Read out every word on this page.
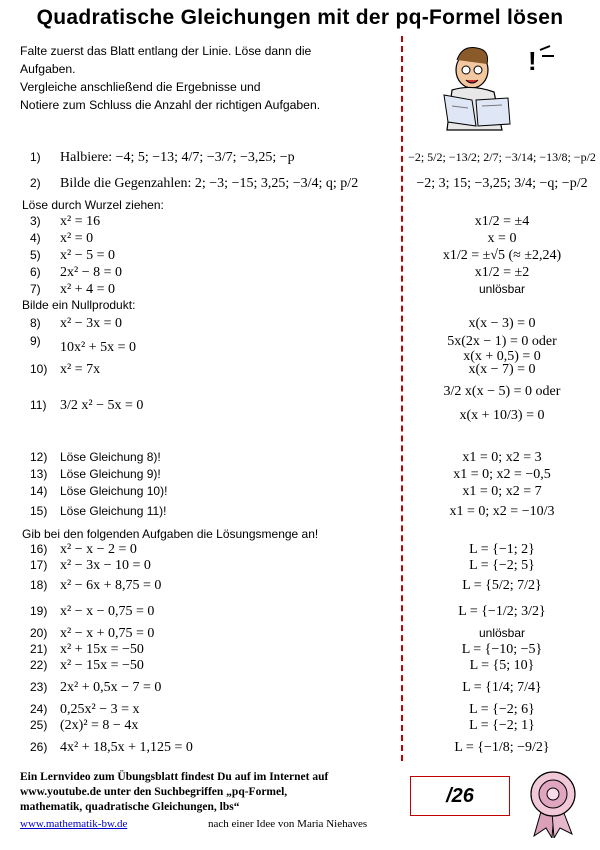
Quadratische Gleichungen mit der pq-Formel lösen
Falte zuerst das Blatt entlang der Linie. Löse dann die
Aufgaben.
Vergleiche anschließend die Ergebnisse und
Notiere zum Schluss die Anzahl der richtigen Aufgaben.
!
1)	Halbiere: −4; 5; −13; 4/7; −3/7; −3,25; −p	−2; 5/2; −13/2; 2/7; −3/14; −13/8; −p/2
2)	Bilde die Gegenzahlen: 2; −3; −15; 3,25; −3/4; q; p/2	−2; 3; 15; −3,25; 3/4; −q; −p/2
Löse durch Wurzel ziehen:
3)	x² = 16	x1/2 = ±4
4)	x² = 0	x = 0
5)	x² − 5 = 0	x1/2 = ±√5 (≈ ±2,24)
6)	2x² − 8 = 0	x1/2 = ±2
7)	x² + 4 = 0	unlösbar
Bilde ein Nullprodukt:
8)	x² − 3x = 0	x(x − 3) = 0
9)	10x² + 5x = 0	5x(2x − 1) = 0 oder
x(x + 0,5) = 0
10) x² = 7x	x(x − 7) = 0
11) 3/2 x² − 5x = 0
3/2 x(x − 5) = 0 oder
x(x + 10/3) = 0
12)	Löse Gleichung 8)!	x1 = 0; x2 = 3
13)	Löse Gleichung 9)!	x1 = 0; x2 = −0,5
14)	Löse Gleichung 10)!	x1 = 0; x2 = 7
15)	Löse Gleichung 11)!	x1 = 0; x2 = −10/3
Gib bei den folgenden Aufgaben die Lösungsmenge an!
16) x² − x − 2 = 0	L = {−1; 2}
17) x² − 3x − 10 = 0	L = {−2; 5}
18) x² − 6x + 8,75 = 0	L = {5/2; 7/2}
19) x² − x − 0,75 = 0	L = {−1/2; 3/2}
20) x² − x + 0,75 = 0	unlösbar
21) x² + 15x = −50	L = {−10; −5}
22) x² − 15x = −50	L = {5; 10}
23) 2x² + 0,5x − 7 = 0	L = {1/4; 7/4}
24) 0,25x² − 3 = x	L = {−2; 6}
25) (2x)² = 8 − 4x	L = {−2; 1}
26) 4x² + 18,5x + 1,125 = 0	L = {−1/8; −9/2}
Ein Lernvideo zum Übungsblatt findest Du auf im Internet auf
www.youtube.de unter den Suchbegriffen „pq-Formel,
mathematik, quadratische Gleichungen, lbs“
www.mathematik-bw.de	nach einer Idee von Maria Niehaves
/26
